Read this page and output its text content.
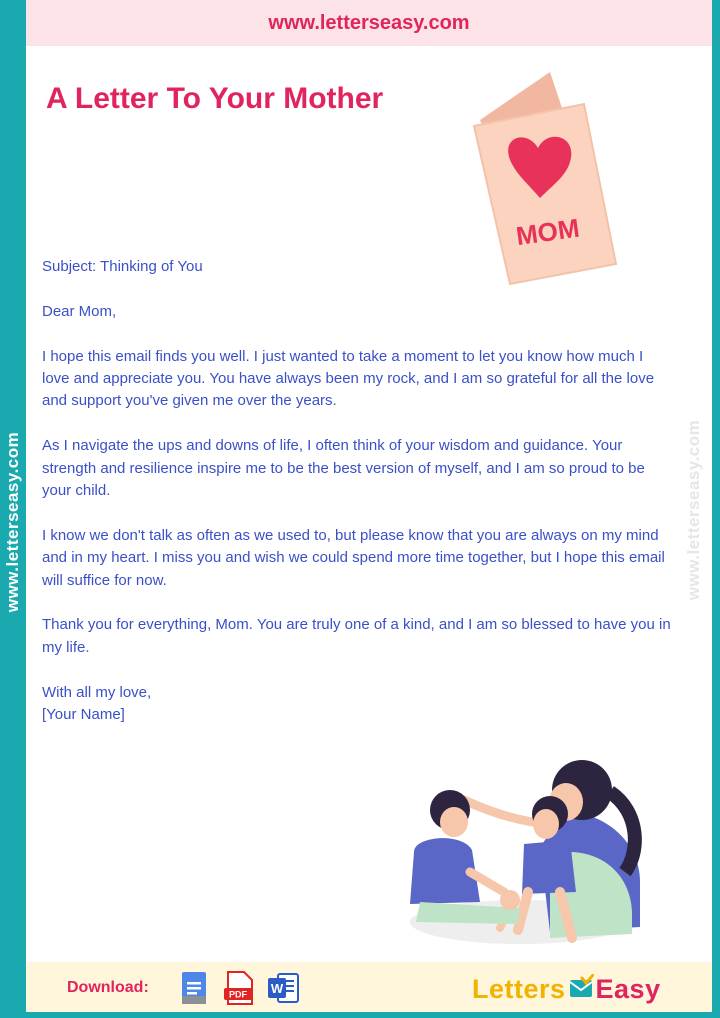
www.letterseasy.com	www.letterseasy.com
www.letterseasy.com
A Letter To Your Mother
MOM

Subject: Thinking of You

Dear Mom,

I hope this email finds you well. I just wanted to take a moment to let you know how much I love and appreciate you. You have always been my rock, and I am so grateful for all the love and support you've given me over the years.

As I navigate the ups and downs of life, I often think of your wisdom and guidance. Your strength and resilience inspire me to be the best version of myself, and I am so proud to be your child.

I know we don't talk as often as we used to, but please know that you are always on my mind and in my heart. I miss you and wish we could spend more time together, but I hope this email will suffice for now.

Thank you for everything, Mom. You are truly one of a kind, and I am so blessed to have you in my life.

With all my love,
[Your Name]

Download:	PDF W	Letters Easy
